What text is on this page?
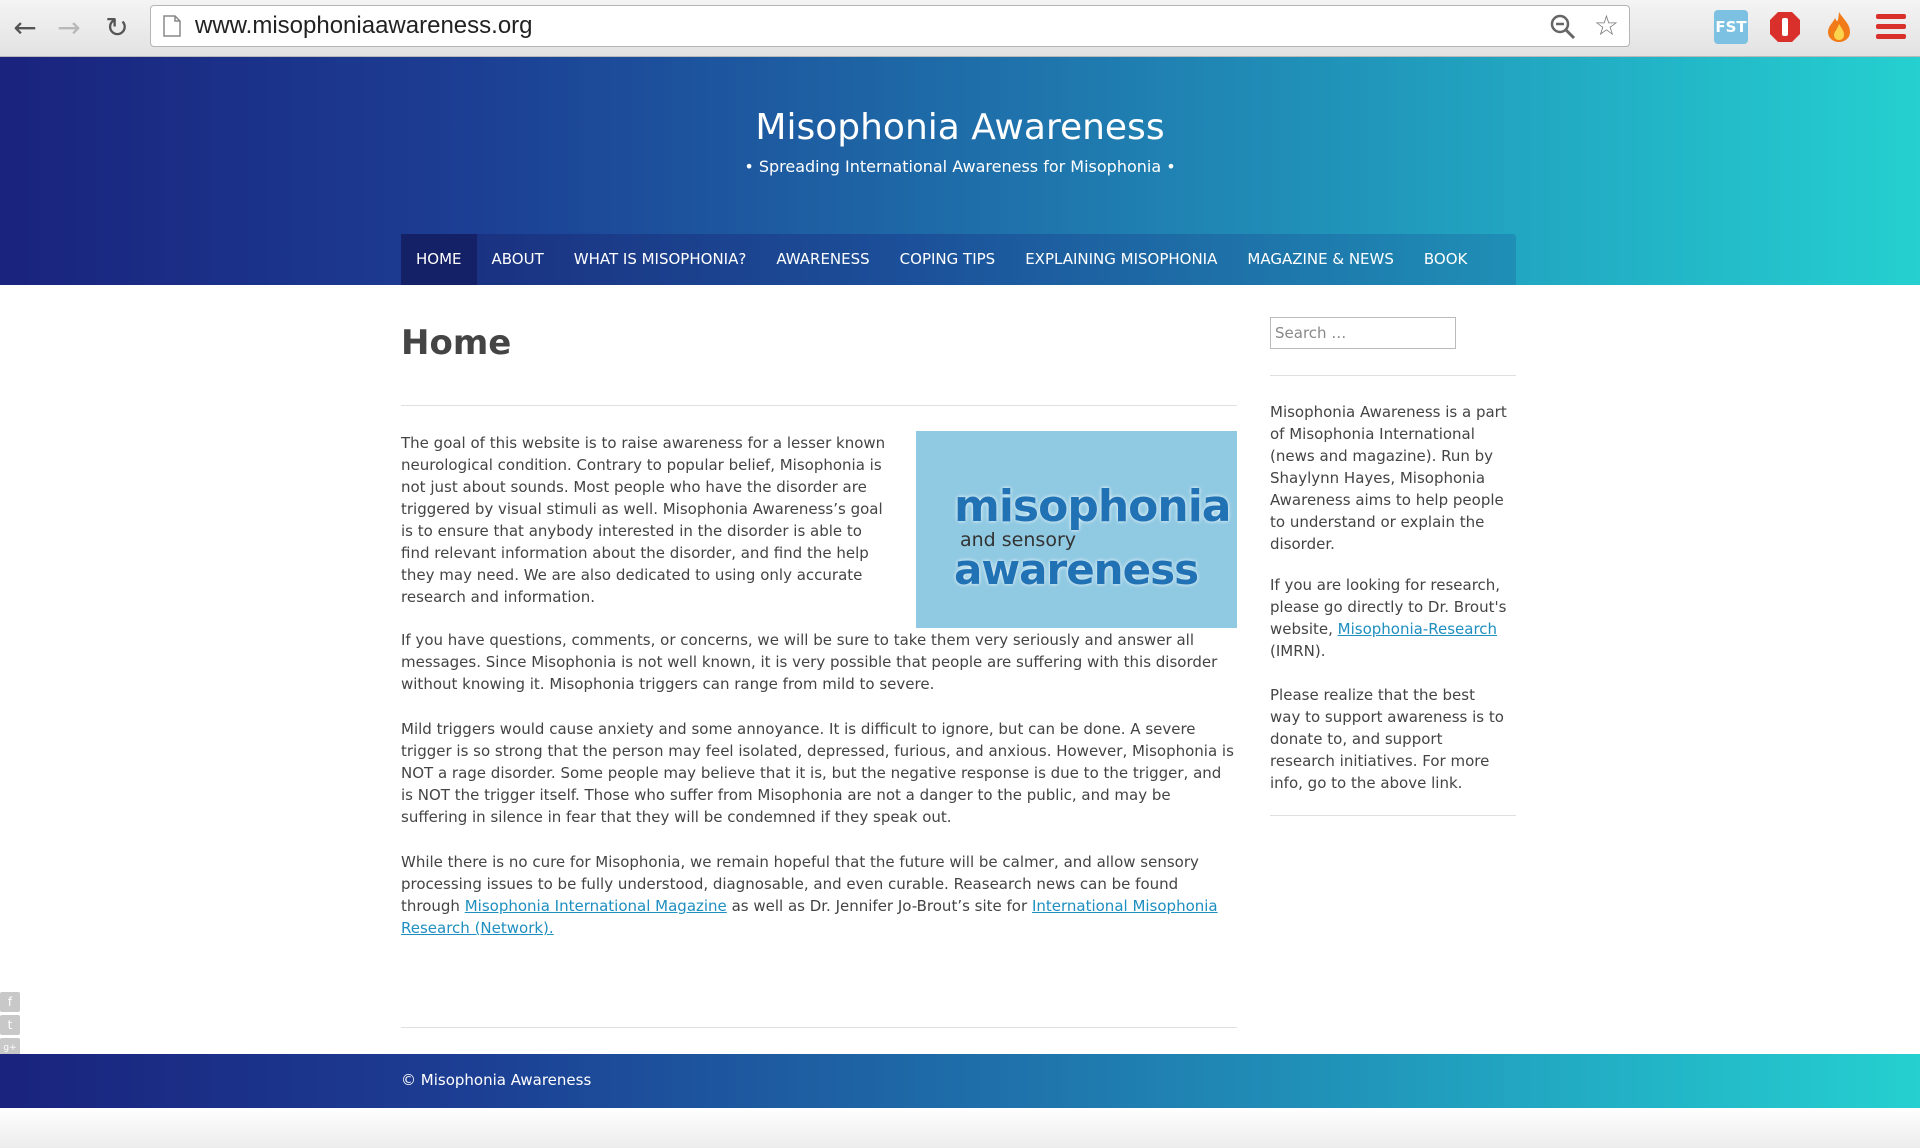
← → ↻	www.misophoniaawareness.org	☆	FST
Misophonia Awareness
• Spreading International Awareness for Misophonia •
HOME	ABOUT	WHAT IS MISOPHONIA?	AWARENESS	COPING TIPS	EXPLAINING MISOPHONIA	MAGAZINE & NEWS	BOOK
Home

The goal of this website is to raise awareness for a lesser known neurological condition. Contrary to popular belief, Misophonia is not just about sounds. Most people who have the disorder are triggered by visual stimuli as well. Misophonia Awareness’s goal is to ensure that anybody interested in the disorder is able to find relevant information about the disorder, and find the help they may need. We are also dedicated to using only accurate research and information.

misophonia
and sensory
awareness

If you have questions, comments, or concerns, we will be sure to take them very seriously and answer all messages. Since Misophonia is not well known, it is very possible that people are suffering with this disorder without knowing it. Misophonia triggers can range from mild to severe.

Mild triggers would cause anxiety and some annoyance. It is difficult to ignore, but can be done. A severe trigger is so strong that the person may feel isolated, depressed, furious, and anxious. However, Misophonia is NOT a rage disorder. Some people may believe that it is, but the negative response is due to the trigger, and is NOT the trigger itself. Those who suffer from Misophonia are not a danger to the public, and may be suffering in silence in fear that they will be condemned if they speak out.

While there is no cure for Misophonia, we remain hopeful that the future will be calmer, and allow sensory processing issues to be fully understood, diagnosable, and even curable. Reasearch news can be found through Misophonia International Magazine as well as Dr. Jennifer Jo-Brout’s site for International Misophonia Research (Network).

Search …

Misophonia Awareness is a part of Misophonia International (news and magazine). Run by Shaylynn Hayes, Misophonia Awareness aims to help people to understand or explain the disorder.

If you are looking for research, please go directly to Dr. Brout's website, Misophonia-Research (IMRN).

Please realize that the best way to support awareness is to donate to, and support research initiatives. For more info, go to the above link.

f
t
g+
© Misophonia Awareness
